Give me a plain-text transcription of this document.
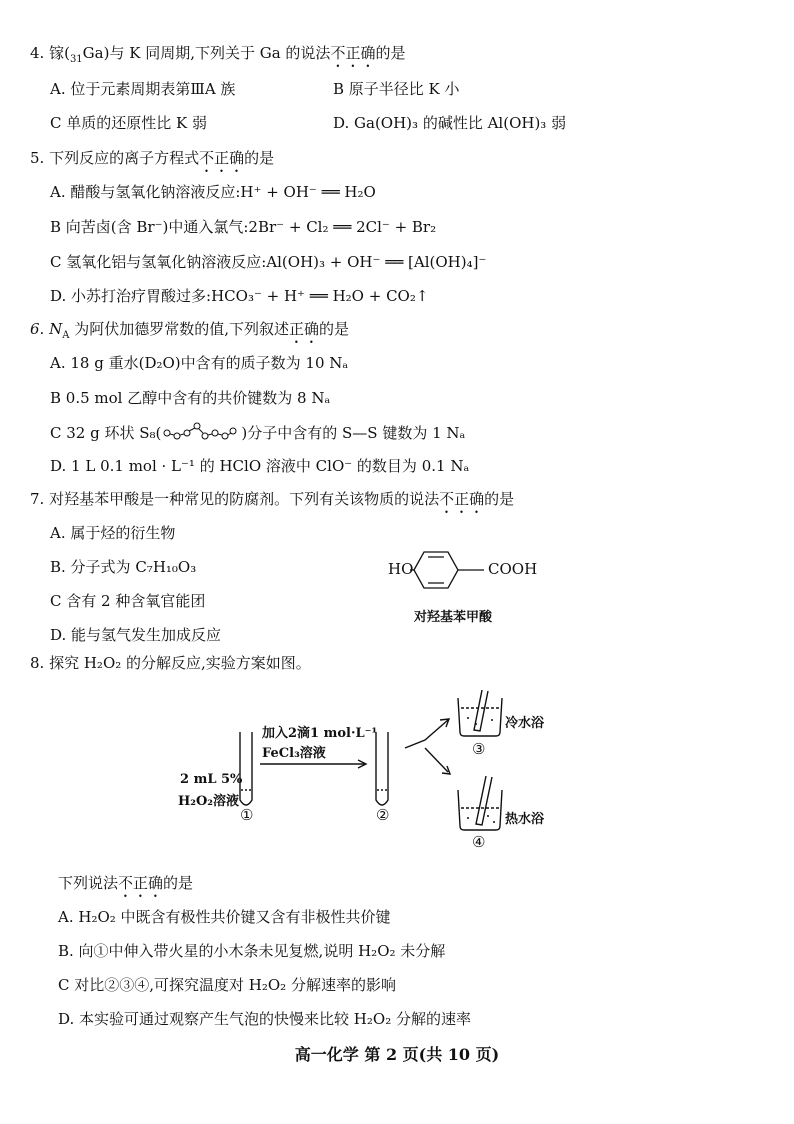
4. 镓$(_{31}Ga)$与 K 同周期,下列关于 Ga 的说法不正确的是
A. 位于元素周期表第ⅢA 族	B 原子半径比 K 小
C 单质的还原性比 K 弱	D. Ga(OH)₃ 的碱性比 Al(OH)₃ 弱
5. 下列反应的离子方程式不正确的是
A. 醋酸与氢氧化钠溶液反应:H⁺ + OH⁻ ══ H₂O
B 向苦卤(含 Br⁻)中通入氯气:2Br⁻ + Cl₂ ══ 2Cl⁻ + Br₂
C 氢氧化铝与氢氧化钠溶液反应:Al(OH)₃ + OH⁻ ══ [Al(OH)₄]⁻
D. 小苏打治疗胃酸过多:HCO₃⁻ + H⁺ ══ H₂O + CO₂↑
6. $N_A$ 为阿伏加德罗常数的值,下列叙述正确的是
A. 18 g 重水(D₂O)中含有的质子数为 10 Nₐ
B 0.5 mol 乙醇中含有的共价键数为 8 Nₐ
C 32 g 环状 S₈(	)分子中含有的 S—S 键数为 1 Nₐ
D. 1 L 0.1 mol · L⁻¹ 的 HClO 溶液中 ClO⁻ 的数目为 0.1 Nₐ
7. 对羟基苯甲酸是一种常见的防腐剂。下列有关该物质的说法不正确的是
A. 属于烃的衍生物
B. 分子式为 C₇H₁₀O₃
C 含有 2 种含氧官能团
D. 能与氢气发生加成反应
HO	COOH
对羟基苯甲酸
8. 探究 H₂O₂ 的分解反应,实验方案如图。
加入2滴1 mol·L⁻¹
FeCl₃溶液
2 mL 5%
H₂O₂溶液
①	②
③
④
冷水浴
热水浴
下列说法不正确的是
A. H₂O₂ 中既含有极性共价键又含有非极性共价键
B. 向①中伸入带火星的小木条未见复燃,说明 H₂O₂ 未分解
C 对比②③④,可探究温度对 H₂O₂ 分解速率的影响
D. 本实验可通过观察产生气泡的快慢来比较 H₂O₂ 分解的速率
高一化学 第 2 页(共 10 页)
